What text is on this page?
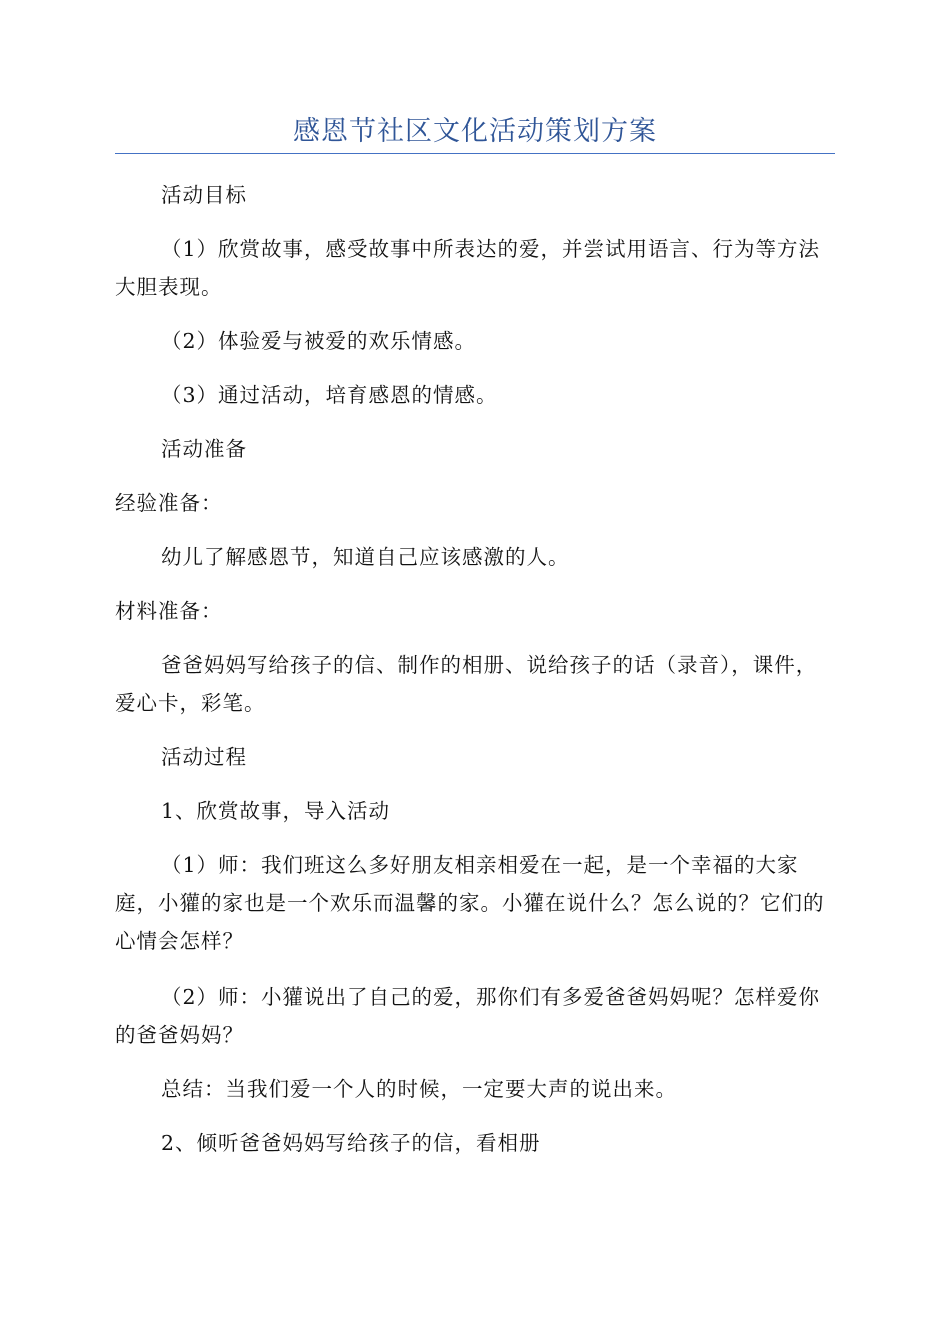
感恩节社区文化活动策划方案

活动目标

（1）欣赏故事，感受故事中所表达的爱，并尝试用语言、行为等方法大胆表现。

（2）体验爱与被爱的欢乐情感。

（3）通过活动，培育感恩的情感。

活动准备

经验准备：

幼儿了解感恩节，知道自己应该感激的人。

材料准备：

爸爸妈妈写给孩子的信、制作的相册、说给孩子的话（录音），课件，爱心卡，彩笔。

活动过程

1、欣赏故事，导入活动

（1）师：我们班这么多好朋友相亲相爱在一起，是一个幸福的大家庭，小獾的家也是一个欢乐而温馨的家。小獾在说什么？怎么说的？它们的心情会怎样？

（2）师：小獾说出了自己的爱，那你们有多爱爸爸妈妈呢？怎样爱你的爸爸妈妈？

总结：当我们爱一个人的时候，一定要大声的说出来。

2、倾听爸爸妈妈写给孩子的信，看相册
